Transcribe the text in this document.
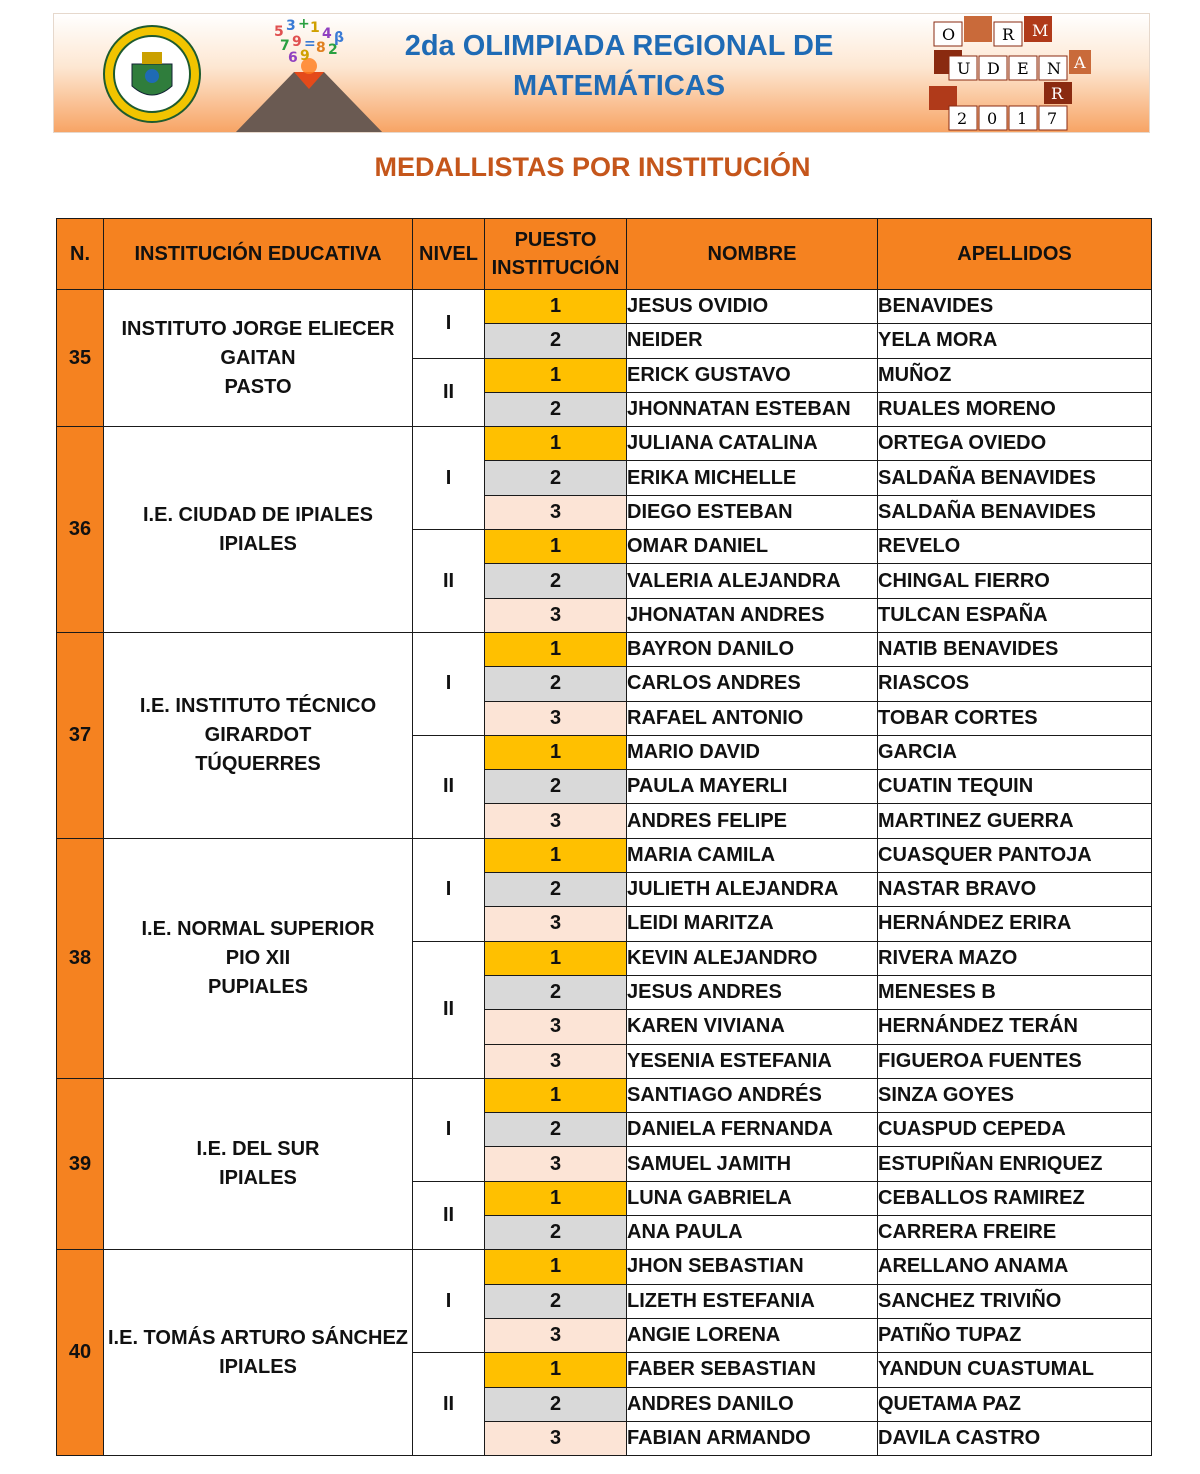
5 3 + 1 4
7 9 = 8 2
6 9
β	2da OLIMPIADA REGIONAL DE
MATEMÁTICAS
O	R M
U D E N A
R
2 0 1 7
MEDALLISTAS POR INSTITUCIÓN
N.	INSTITUCIÓN EDUCATIVA	NIVEL	PUESTO
INSTITUCIÓN	NOMBRE	APELLIDOS
35	INSTITUTO JORGE ELIECER
GAITAN
PASTO	I	1	JESUS OVIDIO	BENAVIDES
			2	NEIDER	YELA MORA
		II	1	ERICK GUSTAVO	MUÑOZ
			2	JHONNATAN ESTEBAN	RUALES MORENO
36	I.E. CIUDAD DE IPIALES
IPIALES	I	1	JULIANA CATALINA	ORTEGA OVIEDO
			2	ERIKA MICHELLE	SALDAÑA BENAVIDES
			3	DIEGO ESTEBAN	SALDAÑA BENAVIDES
		II	1	OMAR DANIEL	REVELO
			2	VALERIA ALEJANDRA	CHINGAL FIERRO
			3	JHONATAN ANDRES	TULCAN ESPAÑA
37	I.E. INSTITUTO TÉCNICO
GIRARDOT
TÚQUERRES	I	1	BAYRON DANILO	NATIB BENAVIDES
			2	CARLOS ANDRES	RIASCOS
			3	RAFAEL ANTONIO	TOBAR CORTES
		II	1	MARIO DAVID	GARCIA
			2	PAULA MAYERLI	CUATIN TEQUIN
			3	ANDRES FELIPE	MARTINEZ GUERRA
38	I.E. NORMAL SUPERIOR
PIO XII
PUPIALES	I	1	MARIA CAMILA	CUASQUER PANTOJA
			2	JULIETH ALEJANDRA	NASTAR BRAVO
			3	LEIDI MARITZA	HERNÁNDEZ ERIRA
		II	1	KEVIN ALEJANDRO	RIVERA MAZO
			2	JESUS ANDRES	MENESES B
			3	KAREN VIVIANA	HERNÁNDEZ TERÁN
			3	YESENIA ESTEFANIA	FIGUEROA FUENTES
39	I.E. DEL SUR
IPIALES	I	1	SANTIAGO ANDRÉS	SINZA GOYES
			2	DANIELA FERNANDA	CUASPUD CEPEDA
			3	SAMUEL JAMITH	ESTUPIÑAN ENRIQUEZ
		II	1	LUNA GABRIELA	CEBALLOS RAMIREZ
			2	ANA PAULA	CARRERA FREIRE
40	I.E. TOMÁS ARTURO SÁNCHEZ
IPIALES	I	1	JHON SEBASTIAN	ARELLANO ANAMA
			2	LIZETH ESTEFANIA	SANCHEZ TRIVIÑO
			3	ANGIE LORENA	PATIÑO TUPAZ
		II	1	FABER SEBASTIAN	YANDUN CUASTUMAL
			2	ANDRES DANILO	QUETAMA PAZ
			3	FABIAN ARMANDO	DAVILA CASTRO
